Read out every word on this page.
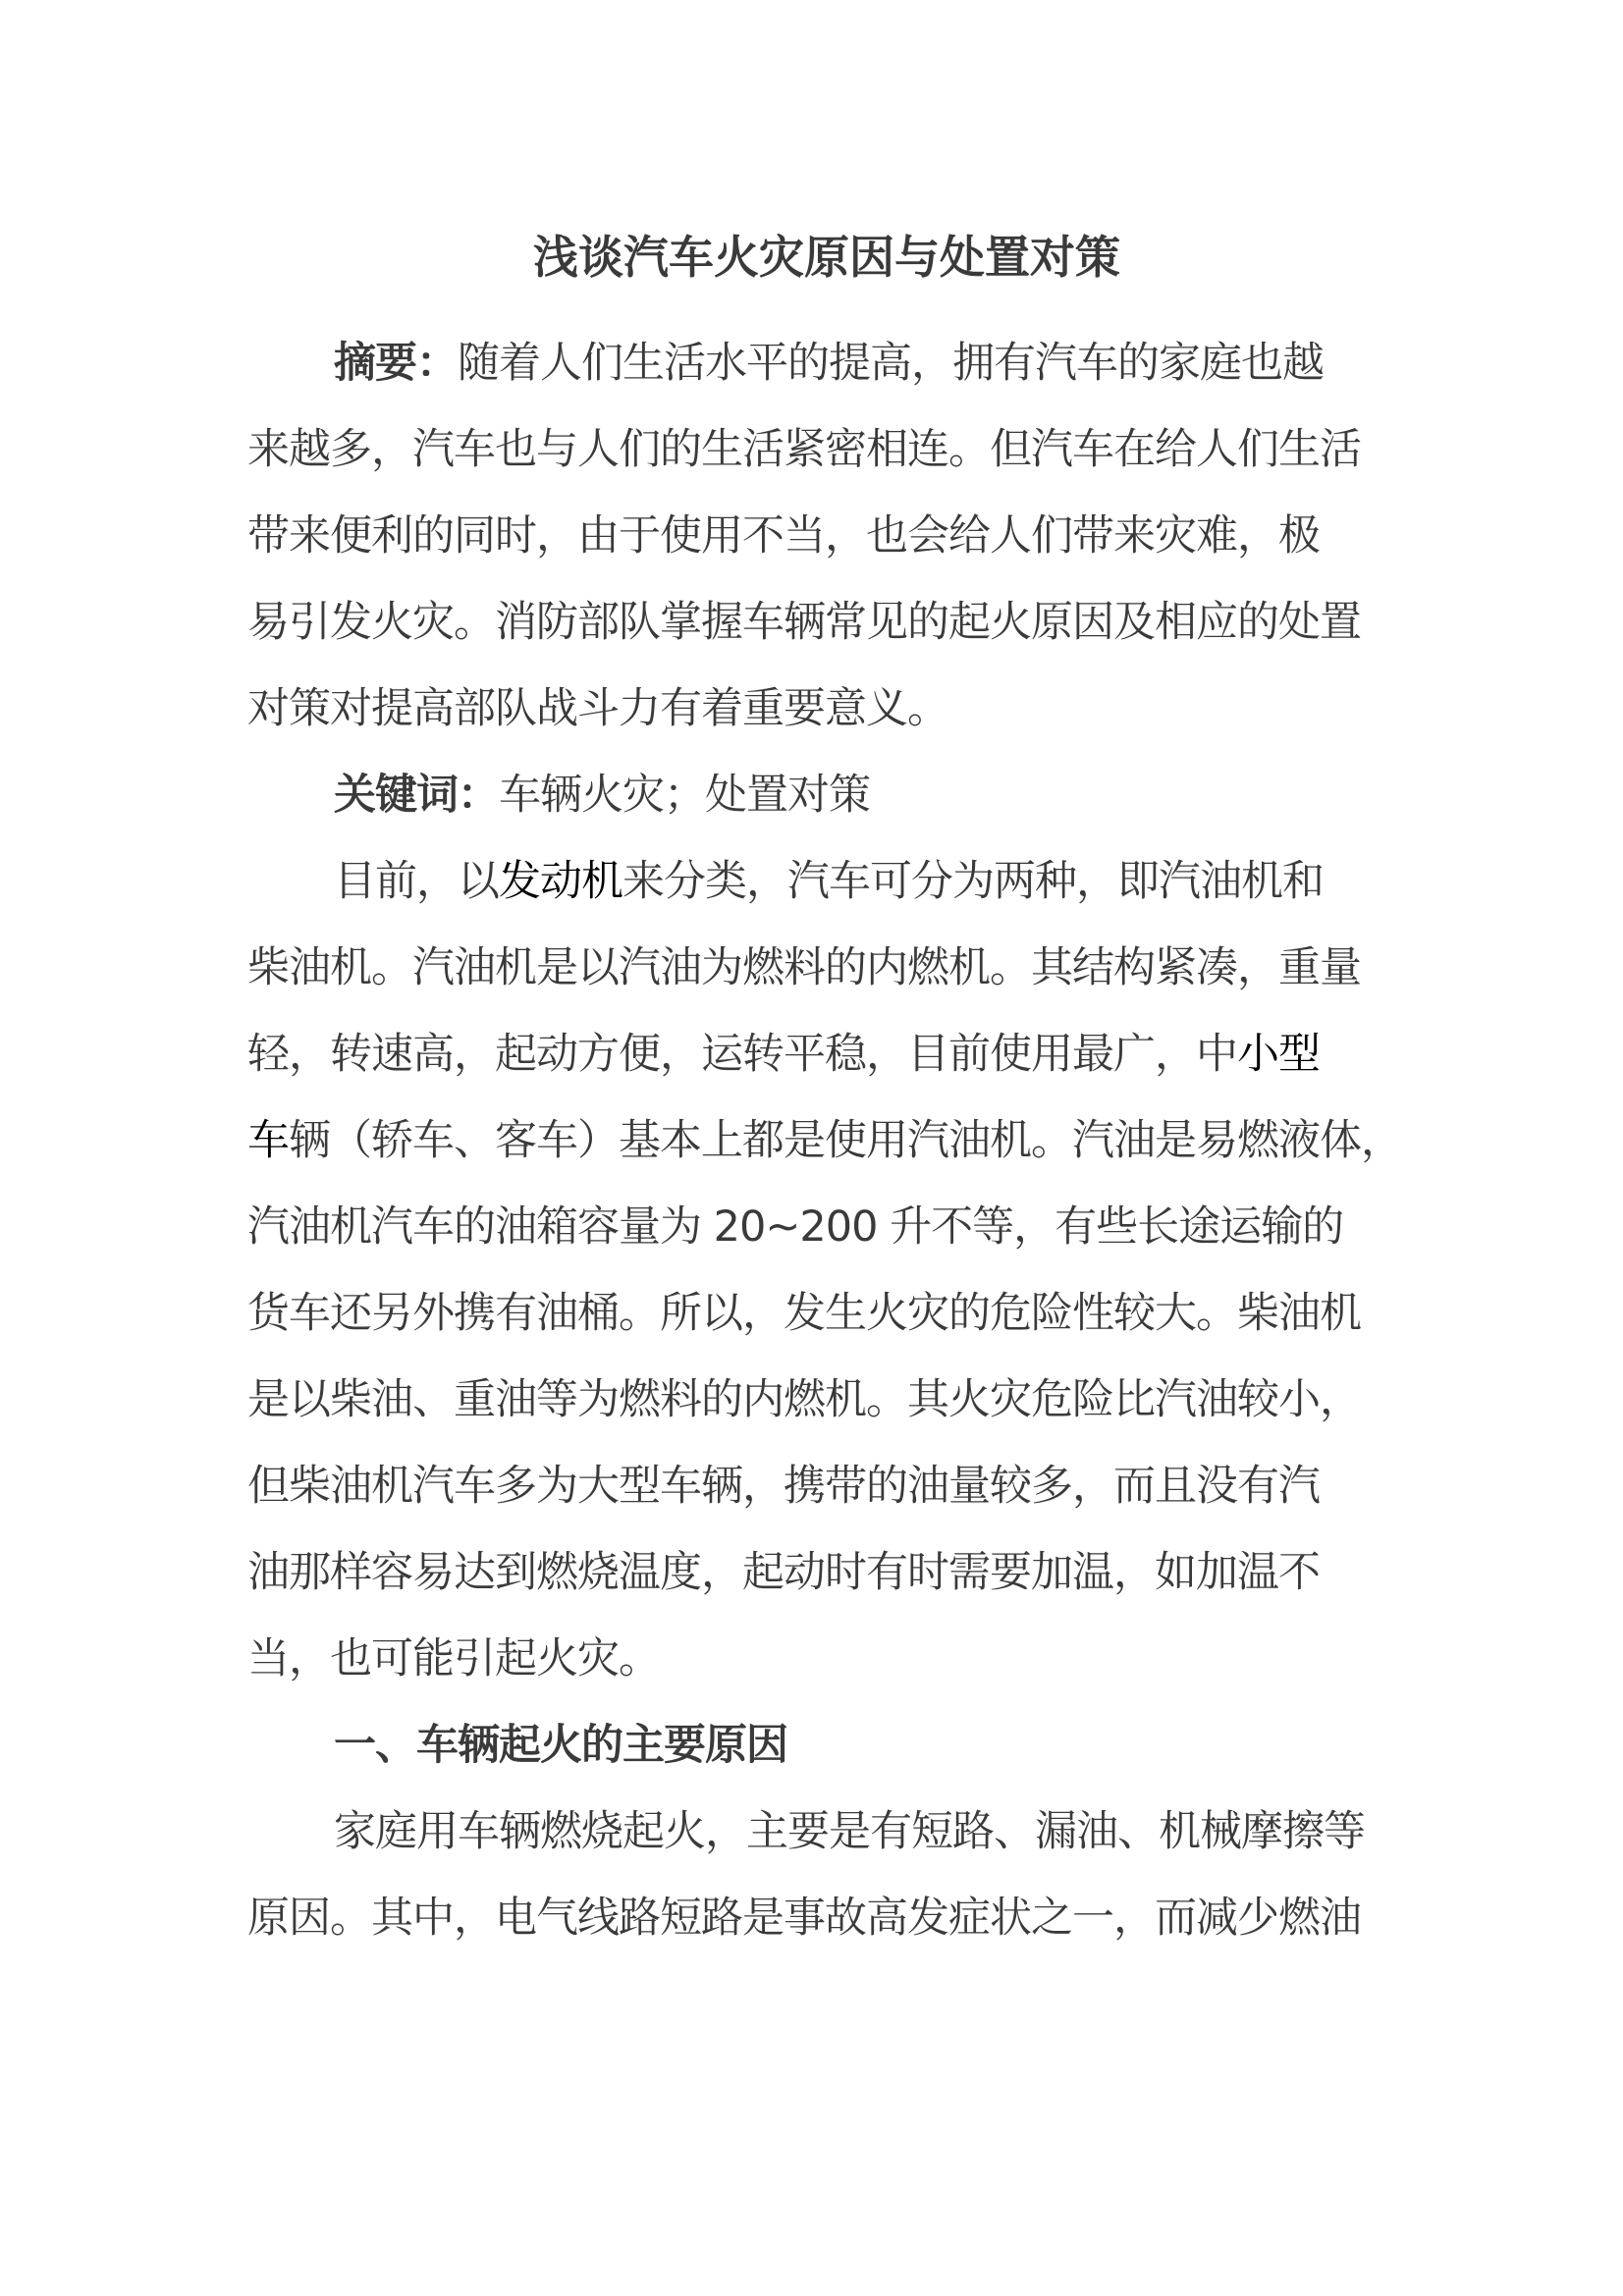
浅谈汽车火灾原因与处置对策
摘要：随着人们生活水平的提高，拥有汽车的家庭也越
来越多，汽车也与人们的生活紧密相连。但汽车在给人们生活
带来便利的同时，由于使用不当，也会给人们带来灾难，极
易引发火灾。消防部队掌握车辆常见的起火原因及相应的处置
对策对提高部队战斗力有着重要意义。
关键词：车辆火灾；处置对策
目前，以发动机来分类，汽车可分为两种，即汽油机和
柴油机。汽油机是以汽油为燃料的内燃机。其结构紧凑，重量
轻，转速高，起动方便，运转平稳，目前使用最广，中小型
车辆（轿车、客车）基本上都是使用汽油机。汽油是易燃液体，
汽油机汽车的油箱容量为 20~200 升不等，有些长途运输的
货车还另外携有油桶。所以，发生火灾的危险性较大。柴油机
是以柴油、重油等为燃料的内燃机。其火灾危险比汽油较小，
但柴油机汽车多为大型车辆，携带的油量较多，而且没有汽
油那样容易达到燃烧温度，起动时有时需要加温，如加温不
当，也可能引起火灾。
一、车辆起火的主要原因
家庭用车辆燃烧起火，主要是有短路、漏油、机械摩擦等
原因。其中，电气线路短路是事故高发症状之一，而减少燃油
